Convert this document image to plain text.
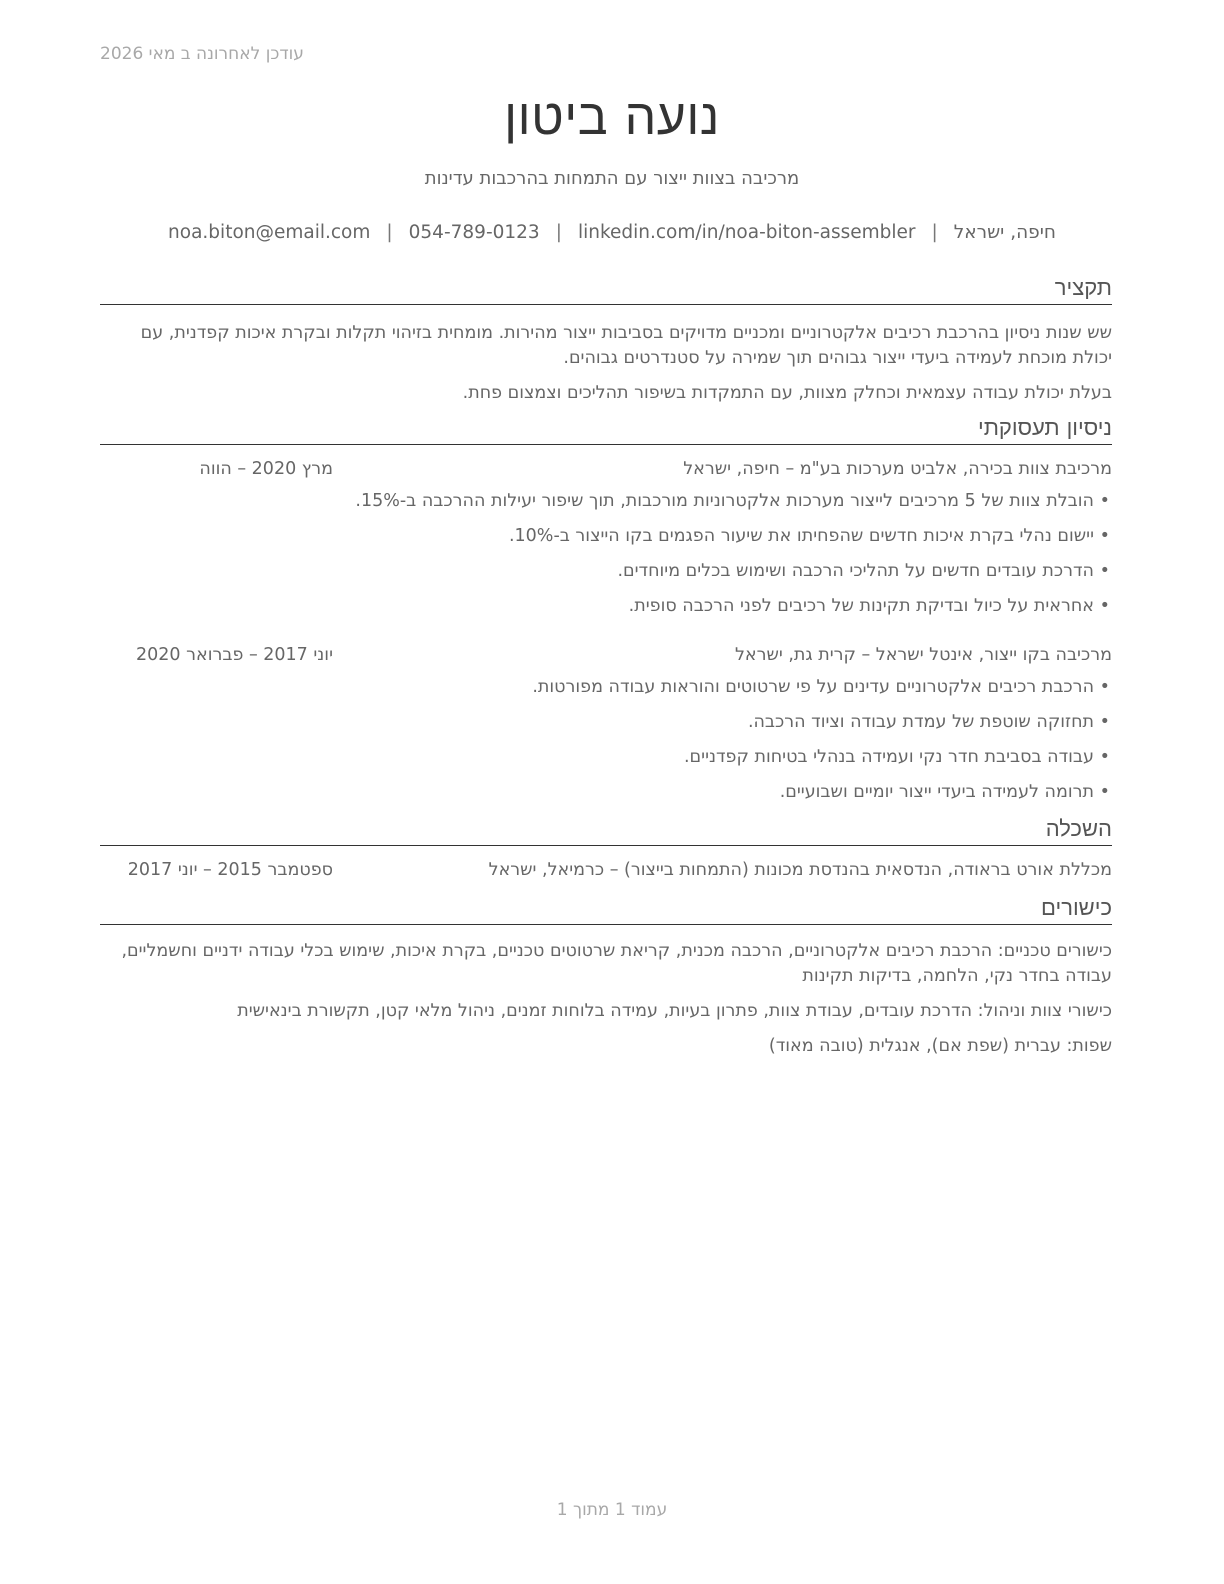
עודכן לאחרונה ב מאי 2026
נועה ביטון
מרכיבה בצוות ייצור עם התמחות בהרכבות עדינות
חיפה, ישראל|noa.biton@email.com | 054-789-0123 | linkedin.com/in/noa-biton-assembler
תקציר

שש שנות ניסיון בהרכבת רכיבים אלקטרוניים ומכניים מדויקים בסביבות ייצור מהירות. מומחית בזיהוי תקלות ובקרת איכות קפדנית, עם יכולת מוכחת לעמידה ביעדי ייצור גבוהים תוך שמירה על סטנדרטים גבוהים.

בעלת יכולת עבודה עצמאית וכחלק מצוות, עם התמקדות בשיפור תהליכים וצמצום פחת.

ניסיון תעסוקתי
מרכיבת צוות בכירה, אלביט מערכות בע"מ – חיפה, ישראל
מרץ 2020 – הווה
•
הובלת צוות של 5 מרכיבים לייצור מערכות אלקטרוניות מורכבות, תוך שיפור יעילות ההרכבה ב-15%.
•
יישום נהלי בקרת איכות חדשים שהפחיתו את שיעור הפגמים בקו הייצור ב-10%.
•
הדרכת עובדים חדשים על תהליכי הרכבה ושימוש בכלים מיוחדים.
•
אחראית על כיול ובדיקת תקינות של רכיבים לפני הרכבה סופית.
מרכיבה בקו ייצור, אינטל ישראל – קרית גת, ישראל
יוני 2017 – פברואר 2020
•
הרכבת רכיבים אלקטרוניים עדינים על פי שרטוטים והוראות עבודה מפורטות.
•
תחזוקה שוטפת של עמדת עבודה וציוד הרכבה.
•
עבודה בסביבת חדר נקי ועמידה בנהלי בטיחות קפדניים.
•
תרומה לעמידה ביעדי ייצור יומיים ושבועיים.
השכלה
מכללת אורט בראודה, הנדסאית בהנדסת מכונות (התמחות בייצור) – כרמיאל, ישראל
ספטמבר 2015 – יוני 2017
כישורים

כישורים טכניים: הרכבת רכיבים אלקטרוניים, הרכבה מכנית, קריאת שרטוטים טכניים, בקרת איכות, שימוש בכלי עבודה ידניים וחשמליים, עבודה בחדר נקי, הלחמה, בדיקות תקינות

כישורי צוות וניהול: הדרכת עובדים, עבודת צוות, פתרון בעיות, עמידה בלוחות זמנים, ניהול מלאי קטן, תקשורת בינאישית

שפות: עברית (שפת אם), אנגלית (טובה מאוד)

עמוד 1 מתוך 1
